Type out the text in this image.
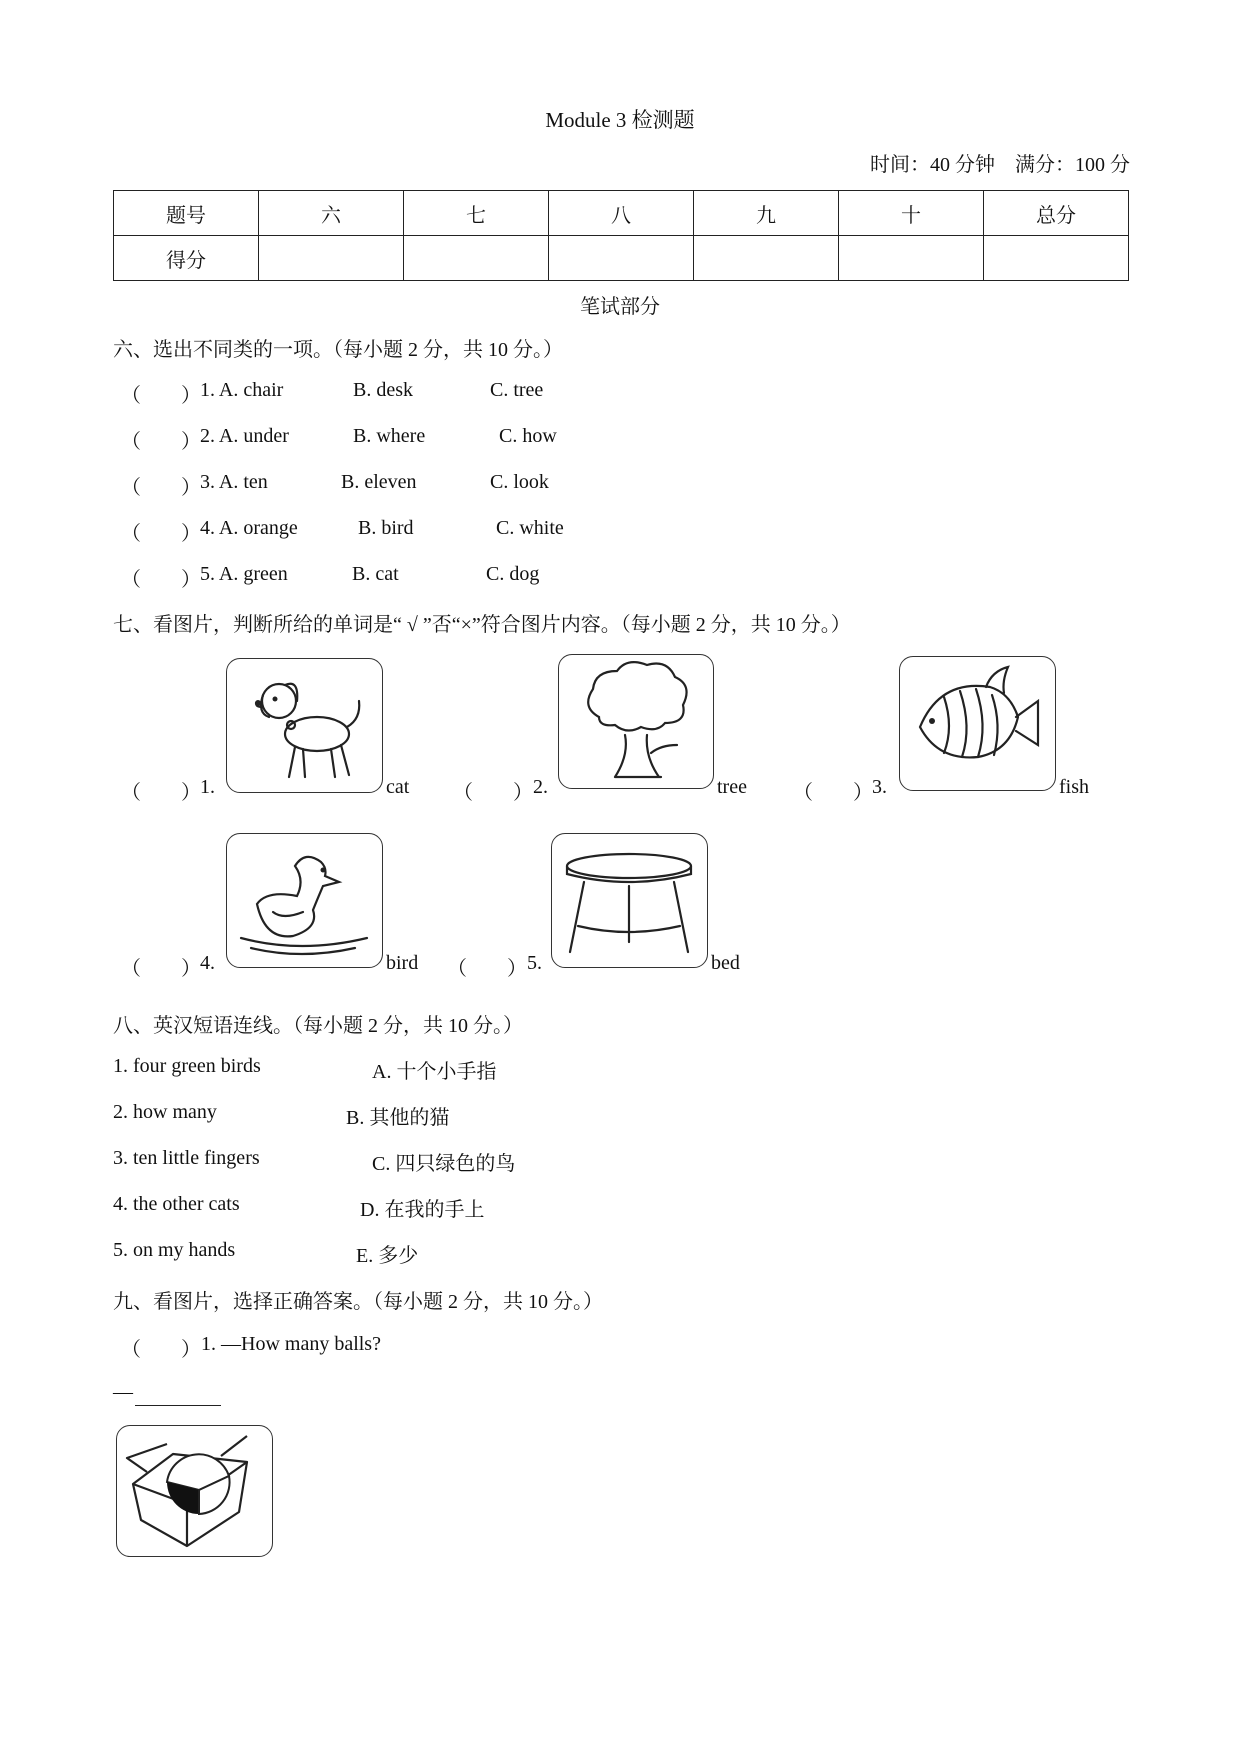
Module 3 检测题
时间：40 分钟　满分：100 分
题号	六	七	八	九	十	总分
得分						
笔试部分
六、选出不同类的一项。（每小题 2 分，共 10 分。）
（　　） 1. A. chair	B. desk	C. tree
（　　） 2. A. under	B. where	C. how
（　　） 3. A. ten	B. eleven	C. look
（　　） 4. A. orange	B. bird	C. white
（　　） 5. A. green	B. cat	C. dog
七、看图片，判断所给的单词是“ √ ”否“×”符合图片内容。（每小题 2 分，共 10 分。）
（　　） 1.	cat （　　） 2.	tree （　　） 3.	fish
（　　） 4.	bird （　　） 5.	bed
八、英汉短语连线。（每小题 2 分，共 10 分。）
1. four green birds	A. 十个小手指
2. how many	B. 其他的猫
3. ten little fingers	C. 四只绿色的鸟
4. the other cats	D. 在我的手上
5. on my hands	E. 多少
九、看图片，选择正确答案。（每小题 2 分，共 10 分。）
（　　） 1. —How many balls?
—
